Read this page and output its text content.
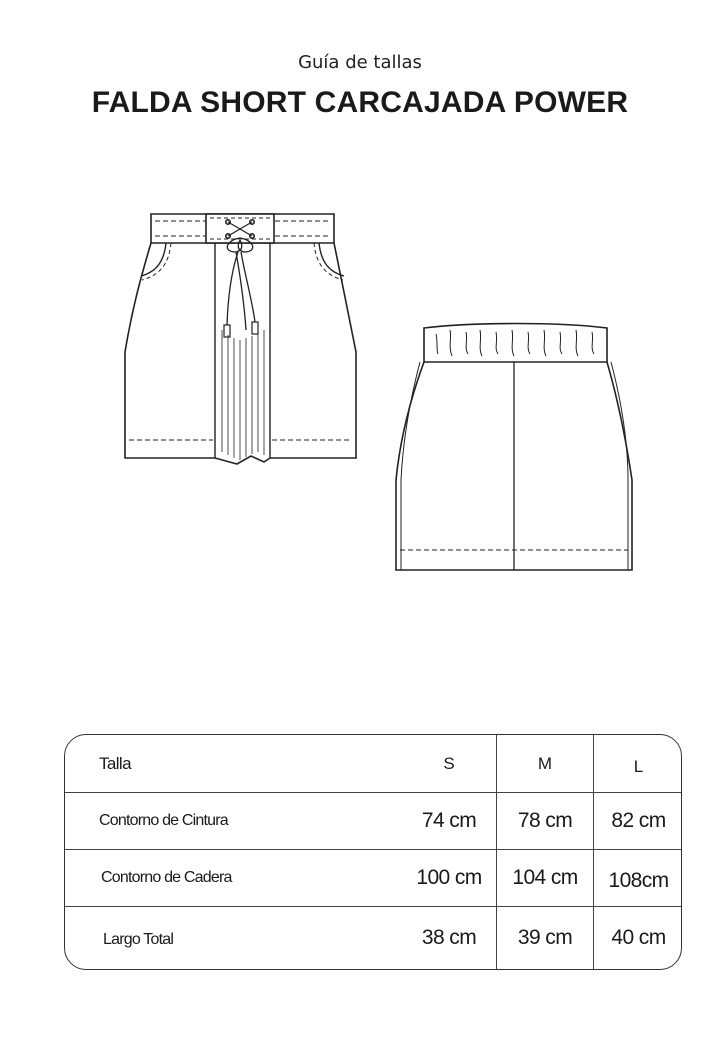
Guía de tallas
FALDA SHORT CARCAJADA POWER
Talla	S	M	L
Contorno de Cintura	74 cm	78 cm	82 cm
Contorno de Cadera	100 cm	104 cm	108cm
Largo Total	38 cm	39 cm	40 cm
